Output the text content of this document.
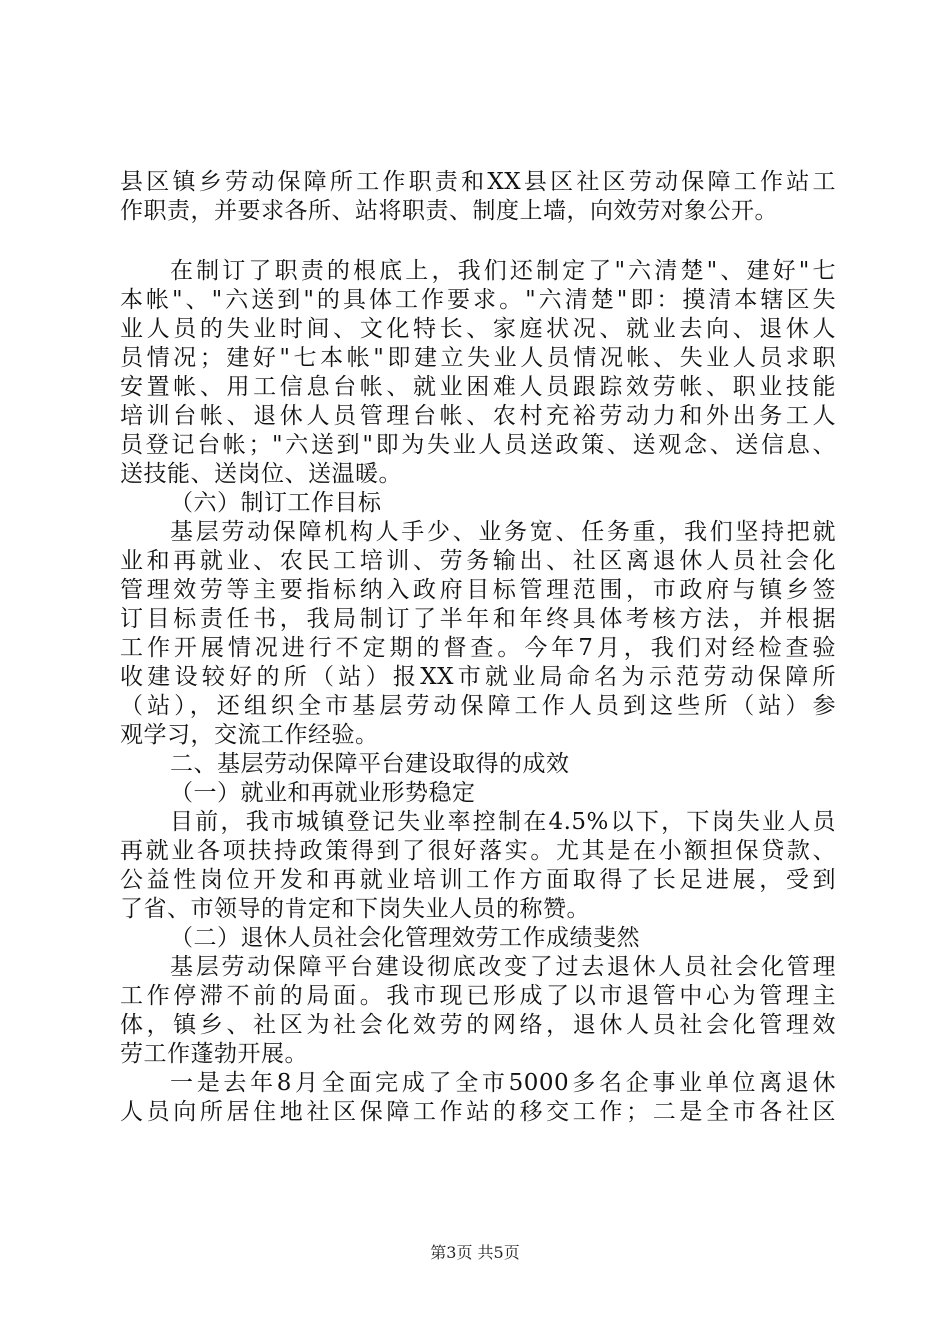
县区镇乡劳动保障所工作职责和XX县区社区劳动保障工作站工
作职责，并要求各所、站将职责、制度上墙，向效劳对象公开。
在制订了职责的根底上，我们还制定了"六清楚"、建好"七
本帐"、"六送到"的具体工作要求。"六清楚"即：摸清本辖区失
业人员的失业时间、文化特长、家庭状况、就业去向、退休人
员情况；建好"七本帐"即建立失业人员情况帐、失业人员求职
安置帐、用工信息台帐、就业困难人员跟踪效劳帐、职业技能
培训台帐、退休人员管理台帐、农村充裕劳动力和外出务工人
员登记台帐；"六送到"即为失业人员送政策、送观念、送信息、
送技能、送岗位、送温暖。
（六）制订工作目标
基层劳动保障机构人手少、业务宽、任务重，我们坚持把就
业和再就业、农民工培训、劳务输出、社区离退休人员社会化
管理效劳等主要指标纳入政府目标管理范围，市政府与镇乡签
订目标责任书，我局制订了半年和年终具体考核方法，并根据
工作开展情况进行不定期的督查。今年7月，我们对经检查验
收建设较好的所（站）报XX市就业局命名为示范劳动保障所
（站），还组织全市基层劳动保障工作人员到这些所（站）参
观学习，交流工作经验。
二、基层劳动保障平台建设取得的成效
（一）就业和再就业形势稳定
目前，我市城镇登记失业率控制在4.5%以下，下岗失业人员
再就业各项扶持政策得到了很好落实。尤其是在小额担保贷款、
公益性岗位开发和再就业培训工作方面取得了长足进展，受到
了省、市领导的肯定和下岗失业人员的称赞。
（二）退休人员社会化管理效劳工作成绩斐然
基层劳动保障平台建设彻底改变了过去退休人员社会化管理
工作停滞不前的局面。我市现已形成了以市退管中心为管理主
体，镇乡、社区为社会化效劳的网络，退休人员社会化管理效
劳工作蓬勃开展。
一是去年8月全面完成了全市5000多名企事业单位离退休
人员向所居住地社区保障工作站的移交工作；二是全市各社区
第3页 共5页
